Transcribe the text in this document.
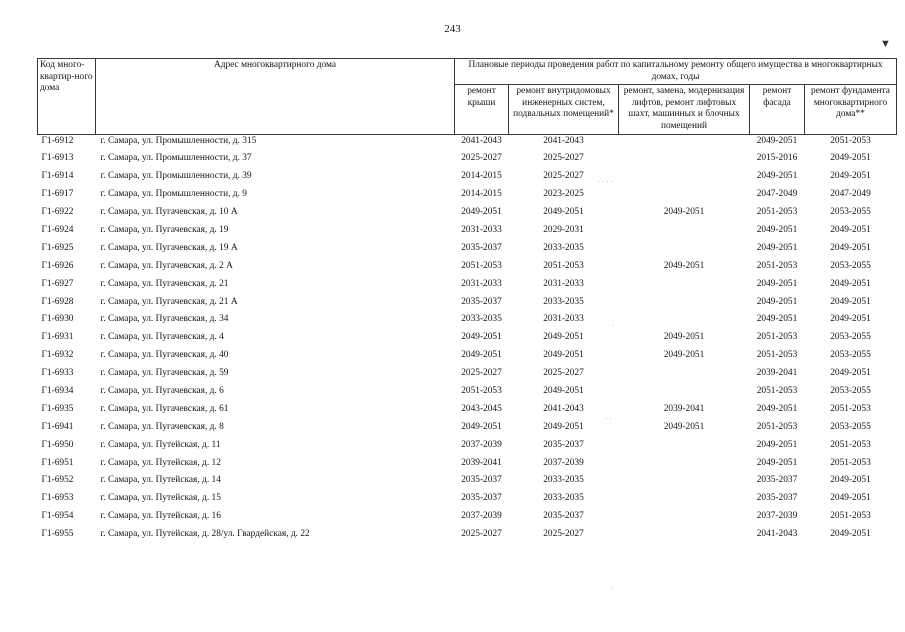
243
▼
· · · ·
·
· ·
·
Код много-квартир-ного дома	Адрес многоквартирного дома	Плановые периоды проведения работ по капитальному ремонту общего имущества в многоквартирных домах, годы				
		ремонт крыши	ремонт внутридомовых инженерных систем, подвальных помещений*	ремонт, замена, модернизация лифтов, ремонт лифтовых шахт, машинных и блочных помещений	ремонт фасада	ремонт фундамента многоквартирного дома**
Г1-6912	г. Самара, ул. Промышленности, д. 315	2041-2043	2041-2043		2049-2051	2051-2053
Г1-6913	г. Самара, ул. Промышленности, д. 37	2025-2027	2025-2027		2015-2016	2049-2051
Г1-6914	г. Самара, ул. Промышленности, д. 39	2014-2015	2025-2027		2049-2051	2049-2051
Г1-6917	г. Самара, ул. Промышленности, д. 9	2014-2015	2023-2025		2047-2049	2047-2049
Г1-6922	г. Самара, ул. Пугачевская, д. 10 А	2049-2051	2049-2051	2049-2051	2051-2053	2053-2055
Г1-6924	г. Самара, ул. Пугачевская, д. 19	2031-2033	2029-2031		2049-2051	2049-2051
Г1-6925	г. Самара, ул. Пугачевская, д. 19 А	2035-2037	2033-2035		2049-2051	2049-2051
Г1-6926	г. Самара, ул. Пугачевская, д. 2 А	2051-2053	2051-2053	2049-2051	2051-2053	2053-2055
Г1-6927	г. Самара, ул. Пугачевская, д. 21	2031-2033	2031-2033		2049-2051	2049-2051
Г1-6928	г. Самара, ул. Пугачевская, д. 21 А	2035-2037	2033-2035		2049-2051	2049-2051
Г1-6930	г. Самара, ул. Пугачевская, д. 34	2033-2035	2031-2033		2049-2051	2049-2051
Г1-6931	г. Самара, ул. Пугачевская, д. 4	2049-2051	2049-2051	2049-2051	2051-2053	2053-2055
Г1-6932	г. Самара, ул. Пугачевская, д. 40	2049-2051	2049-2051	2049-2051	2051-2053	2053-2055
Г1-6933	г. Самара, ул. Пугачевская, д. 59	2025-2027	2025-2027		2039-2041	2049-2051
Г1-6934	г. Самара, ул. Пугачевская, д. 6	2051-2053	2049-2051		2051-2053	2053-2055
Г1-6935	г. Самара, ул. Пугачевская, д. 61	2043-2045	2041-2043	2039-2041	2049-2051	2051-2053
Г1-6941	г. Самара, ул. Пугачевская, д. 8	2049-2051	2049-2051	2049-2051	2051-2053	2053-2055
Г1-6950	г. Самара, ул. Путейская, д. 11	2037-2039	2035-2037		2049-2051	2051-2053
Г1-6951	г. Самара, ул. Путейская, д. 12	2039-2041	2037-2039		2049-2051	2051-2053
Г1-6952	г. Самара, ул. Путейская, д. 14	2035-2037	2033-2035		2035-2037	2049-2051
Г1-6953	г. Самара, ул. Путейская, д. 15	2035-2037	2033-2035		2035-2037	2049-2051
Г1-6954	г. Самара, ул. Путейская, д. 16	2037-2039	2035-2037		2037-2039	2051-2053
Г1-6955	г. Самара, ул. Путейская, д. 28/ул. Гвардейская, д. 22	2025-2027	2025-2027		2041-2043	2049-2051
